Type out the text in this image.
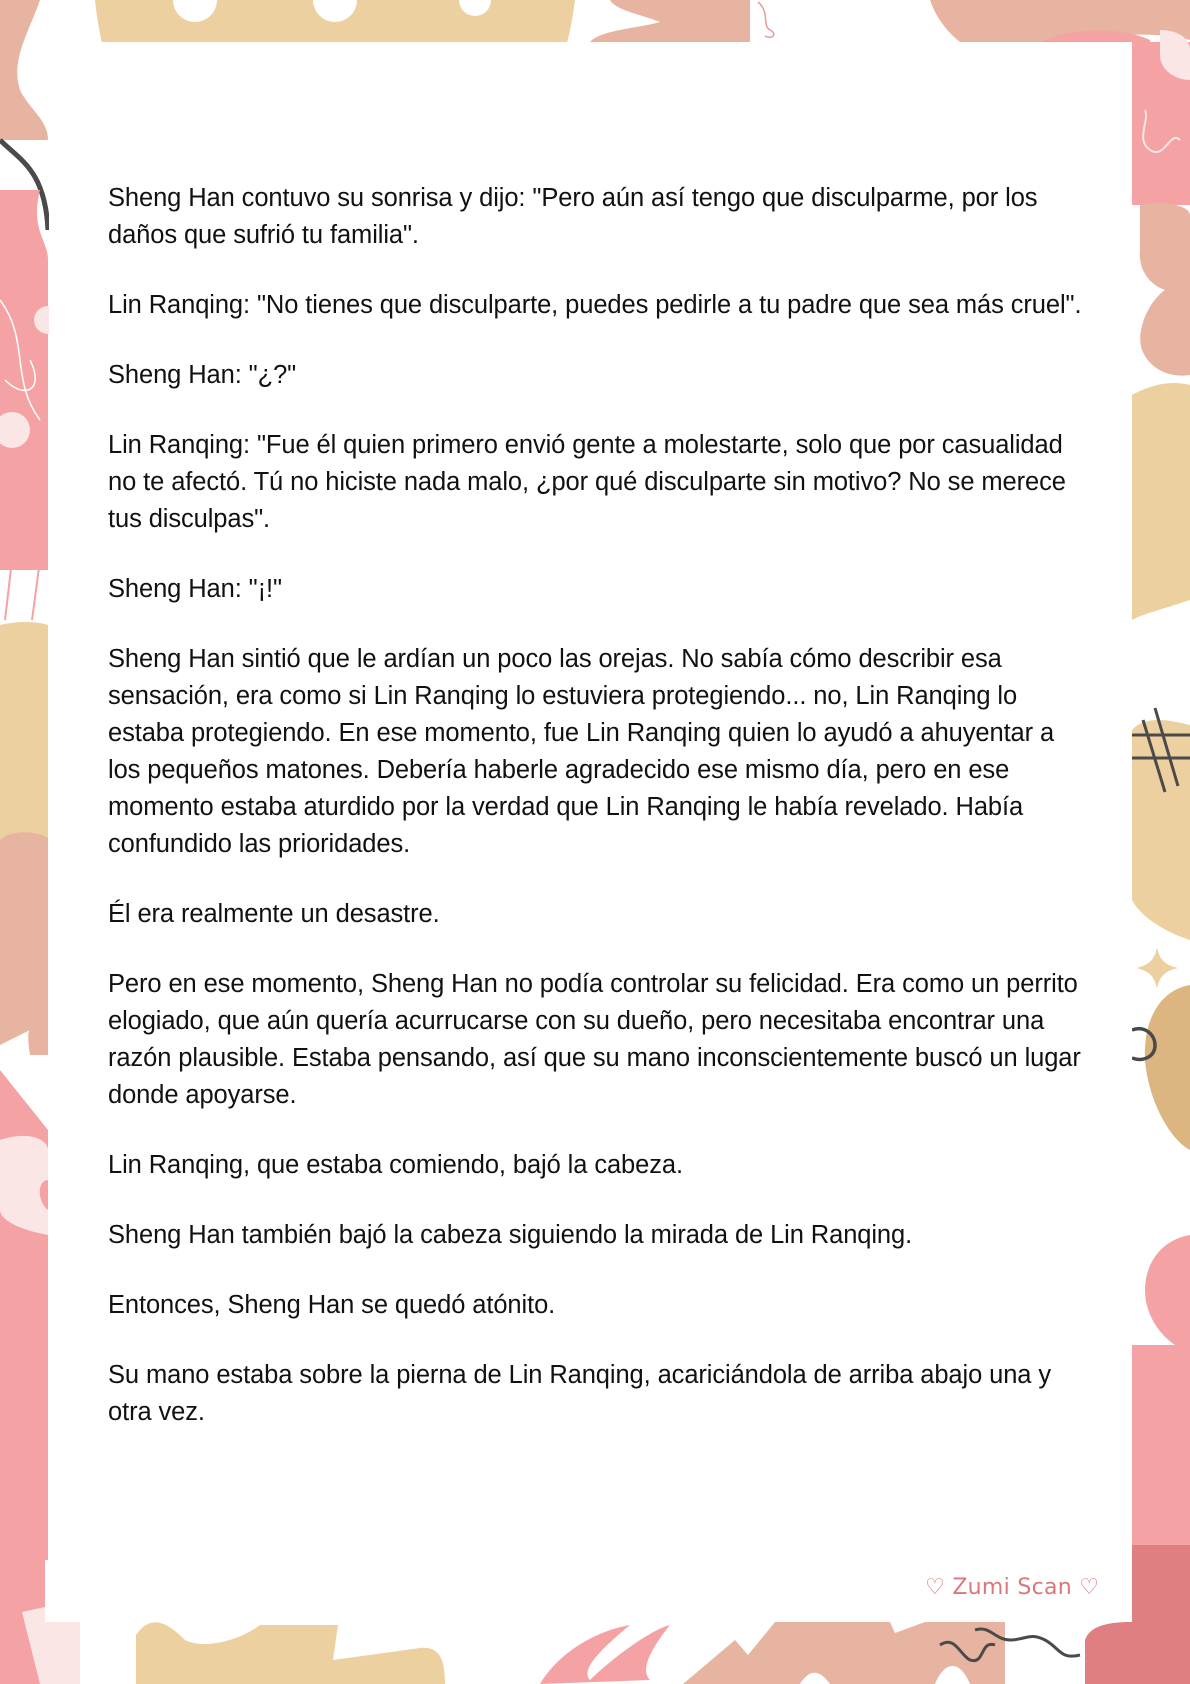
Sheng Han contuvo su sonrisa y dijo: "Pero aún así tengo que disculparme, por los daños que sufrió tu familia".

Lin Ranqing: "No tienes que disculparte, puedes pedirle a tu padre que sea más cruel".

Sheng Han: "¿?"

Lin Ranqing: "Fue él quien primero envió gente a molestarte, solo que por casualidad no te afectó. Tú no hiciste nada malo, ¿por qué disculparte sin motivo? No se merece tus disculpas".

Sheng Han: "¡!"

Sheng Han sintió que le ardían un poco las orejas. No sabía cómo describir esa sensación, era como si Lin Ranqing lo estuviera protegiendo... no, Lin Ranqing lo estaba protegiendo. En ese momento, fue Lin Ranqing quien lo ayudó a ahuyentar a los pequeños matones. Debería haberle agradecido ese mismo día, pero en ese momento estaba aturdido por la verdad que Lin Ranqing le había revelado. Había confundido las prioridades.

Él era realmente un desastre.

Pero en ese momento, Sheng Han no podía controlar su felicidad. Era como un perrito elogiado, que aún quería acurrucarse con su dueño, pero necesitaba encontrar una razón plausible. Estaba pensando, así que su mano inconscientemente buscó un lugar donde apoyarse.

Lin Ranqing, que estaba comiendo, bajó la cabeza.

Sheng Han también bajó la cabeza siguiendo la mirada de Lin Ranqing.

Entonces, Sheng Han se quedó atónito.

Su mano estaba sobre la pierna de Lin Ranqing, acariciándola de arriba abajo una y otra vez.

♡ Zumi Scan ♡
